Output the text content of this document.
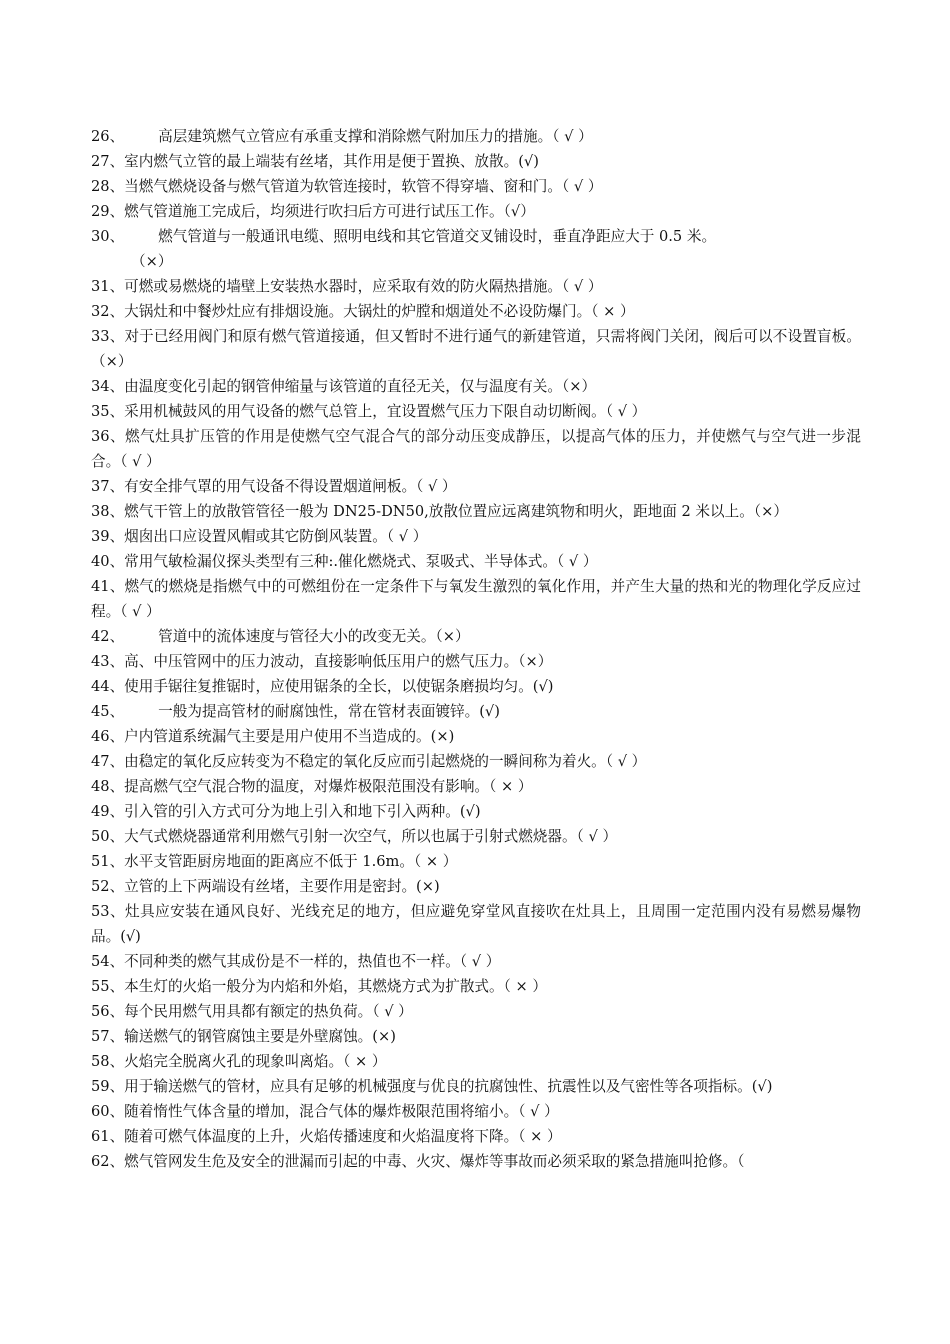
26、 高层建筑燃气立管应有承重支撑和消除燃气附加压力的措施。（ √ ）

27、室内燃气立管的最上端装有丝堵，其作用是便于置换、放散。(√)

28、当燃气燃烧设备与燃气管道为软管连接时，软管不得穿墙、窗和门。（ √ ）

29、燃气管道施工完成后，均须进行吹扫后方可进行试压工作。（√）

30、 燃气管道与一般通讯电缆、照明电线和其它管道交叉铺设时，垂直净距应大于 0.5 米。

（×）

31、可燃或易燃烧的墙壁上安装热水器时，应采取有效的防火隔热措施。（ √ ）

32、大锅灶和中餐炒灶应有排烟设施。大锅灶的炉膛和烟道处不必设防爆门。（ × ）

33、对于已经用阀门和原有燃气管道接通，但又暂时不进行通气的新建管道，只需将阀门关闭，阀后可以不设置盲板。（×）

34、由温度变化引起的钢管伸缩量与该管道的直径无关，仅与温度有关。（×）

35、采用机械鼓风的用气设备的燃气总管上，宜设置燃气压力下限自动切断阀。（ √ ）

36、燃气灶具扩压管的作用是使燃气空气混合气的部分动压变成静压，以提高气体的压力，并使燃气与空气进一步混合。（ √ ）

37、有安全排气罩的用气设备不得设置烟道闸板。（ √ ）

38、燃气干管上的放散管管径一般为 DN25-DN50,放散位置应远离建筑物和明火，距地面 2 米以上。（×）

39、烟囱出口应设置风帽或其它防倒风装置。（ √ ）

40、常用气敏检漏仪探头类型有三种:.催化燃烧式、泵吸式、半导体式。（ √ ）

41、燃气的燃烧是指燃气中的可燃组份在一定条件下与氧发生激烈的氧化作用，并产生大量的热和光的物理化学反应过程。（ √ ）

42、 管道中的流体速度与管径大小的改变无关。（×）

43、高、中压管网中的压力波动，直接影响低压用户的燃气压力。（×）

44、使用手锯往复推锯时，应使用锯条的全长，以使锯条磨损均匀。(√)

45、 一般为提高管材的耐腐蚀性，常在管材表面镀锌。(√)

46、户内管道系统漏气主要是用户使用不当造成的。(×)

47、由稳定的氧化反应转变为不稳定的氧化反应而引起燃烧的一瞬间称为着火。（ √ ）

48、提高燃气空气混合物的温度，对爆炸极限范围没有影响。（ × ）

49、引入管的引入方式可分为地上引入和地下引入两种。(√)

50、大气式燃烧器通常利用燃气引射一次空气，所以也属于引射式燃烧器。（ √ ）

51、水平支管距厨房地面的距离应不低于 1.6m。（ × ）

52、立管的上下两端设有丝堵，主要作用是密封。(×)

53、灶具应安装在通风良好、光线充足的地方，但应避免穿堂风直接吹在灶具上，且周围一定范围内没有易燃易爆物品。(√)

54、不同种类的燃气其成份是不一样的，热值也不一样。（ √ ）

55、本生灯的火焰一般分为内焰和外焰，其燃烧方式为扩散式。（ × ）

56、每个民用燃气用具都有额定的热负荷。（ √ ）

57、输送燃气的钢管腐蚀主要是外壁腐蚀。(×)

58、火焰完全脱离火孔的现象叫离焰。（ × ）

59、用于输送燃气的管材，应具有足够的机械强度与优良的抗腐蚀性、抗震性以及气密性等各项指标。(√)

60、随着惰性气体含量的增加，混合气体的爆炸极限范围将缩小。（ √ ）

61、随着可燃气体温度的上升，火焰传播速度和火焰温度将下降。（ × ）

62、燃气管网发生危及安全的泄漏而引起的中毒、火灾、爆炸等事故而必须采取的紧急措施叫抢修。（
